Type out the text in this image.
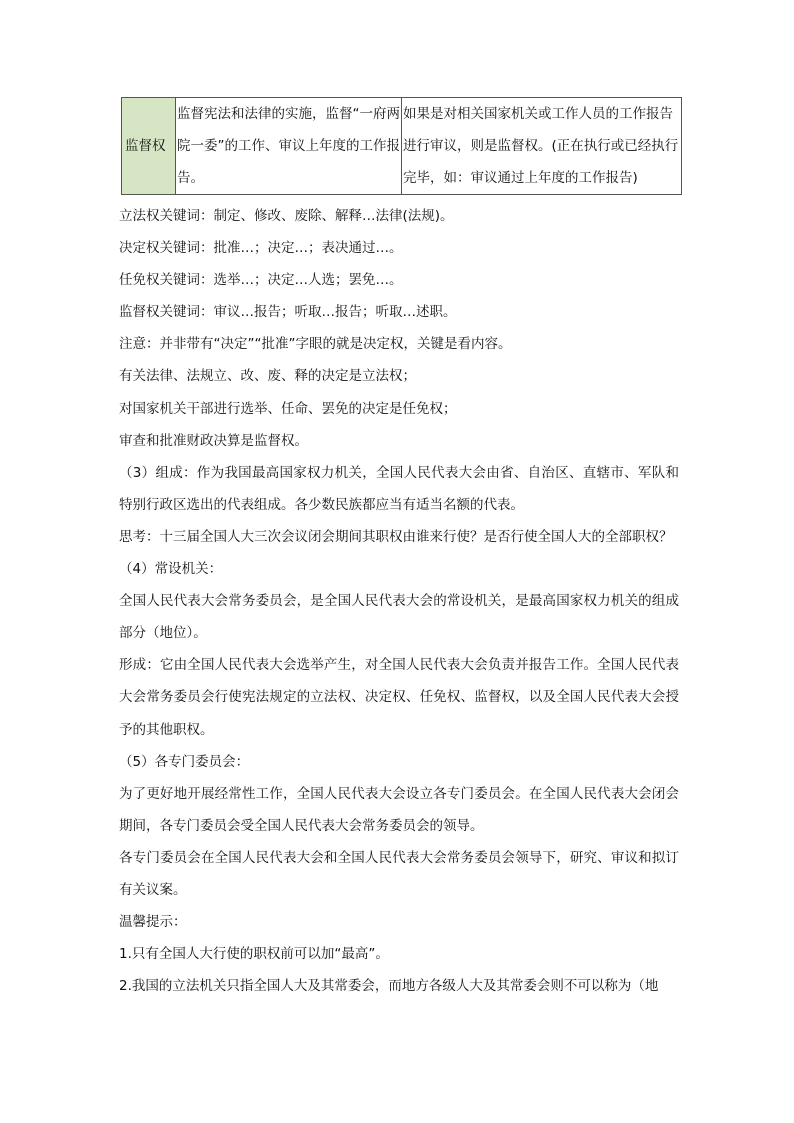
监督权	监督宪法和法律的实施，监督“一府两院一委”的工作、审议上年度的工作报告。	如果是对相关国家机关或工作人员的工作报告进行审议，则是监督权。(正在执行或已经执行完毕，如：审议通过上年度的工作报告)

立法权关键词：制定、修改、废除、解释…法律(法规)。

决定权关键词：批准…；决定…；表决通过…。

任免权关键词：选举…；决定…人选；罢免…。

监督权关键词：审议…报告；听取…报告；听取…述职。

注意：并非带有“决定”“批准”字眼的就是决定权，关键是看内容。

有关法律、法规立、改、废、释的决定是立法权；

对国家机关干部进行选举、任命、罢免的决定是任免权；

审查和批准财政决算是监督权。

（3）组成：作为我国最高国家权力机关，全国人民代表大会由省、自治区、直辖市、军队和特别行政区选出的代表组成。各少数民族都应当有适当名额的代表。

思考：十三届全国人大三次会议闭会期间其职权由谁来行使？是否行使全国人大的全部职权？

（4）常设机关：

全国人民代表大会常务委员会，是全国人民代表大会的常设机关，是最高国家权力机关的组成部分（地位）。

形成：它由全国人民代表大会选举产生，对全国人民代表大会负责并报告工作。全国人民代表大会常务委员会行使宪法规定的立法权、决定权、任免权、监督权，以及全国人民代表大会授予的其他职权。

（5）各专门委员会：

为了更好地开展经常性工作，全国人民代表大会设立各专门委员会。在全国人民代表大会闭会期间，各专门委员会受全国人民代表大会常务委员会的领导。

各专门委员会在全国人民代表大会和全国人民代表大会常务委员会领导下，研究、审议和拟订有关议案。

温馨提示：

1.只有全国人大行使的职权前可以加“最高”。

2.我国的立法机关只指全国人大及其常委会，而地方各级人大及其常委会则不可以称为（地
